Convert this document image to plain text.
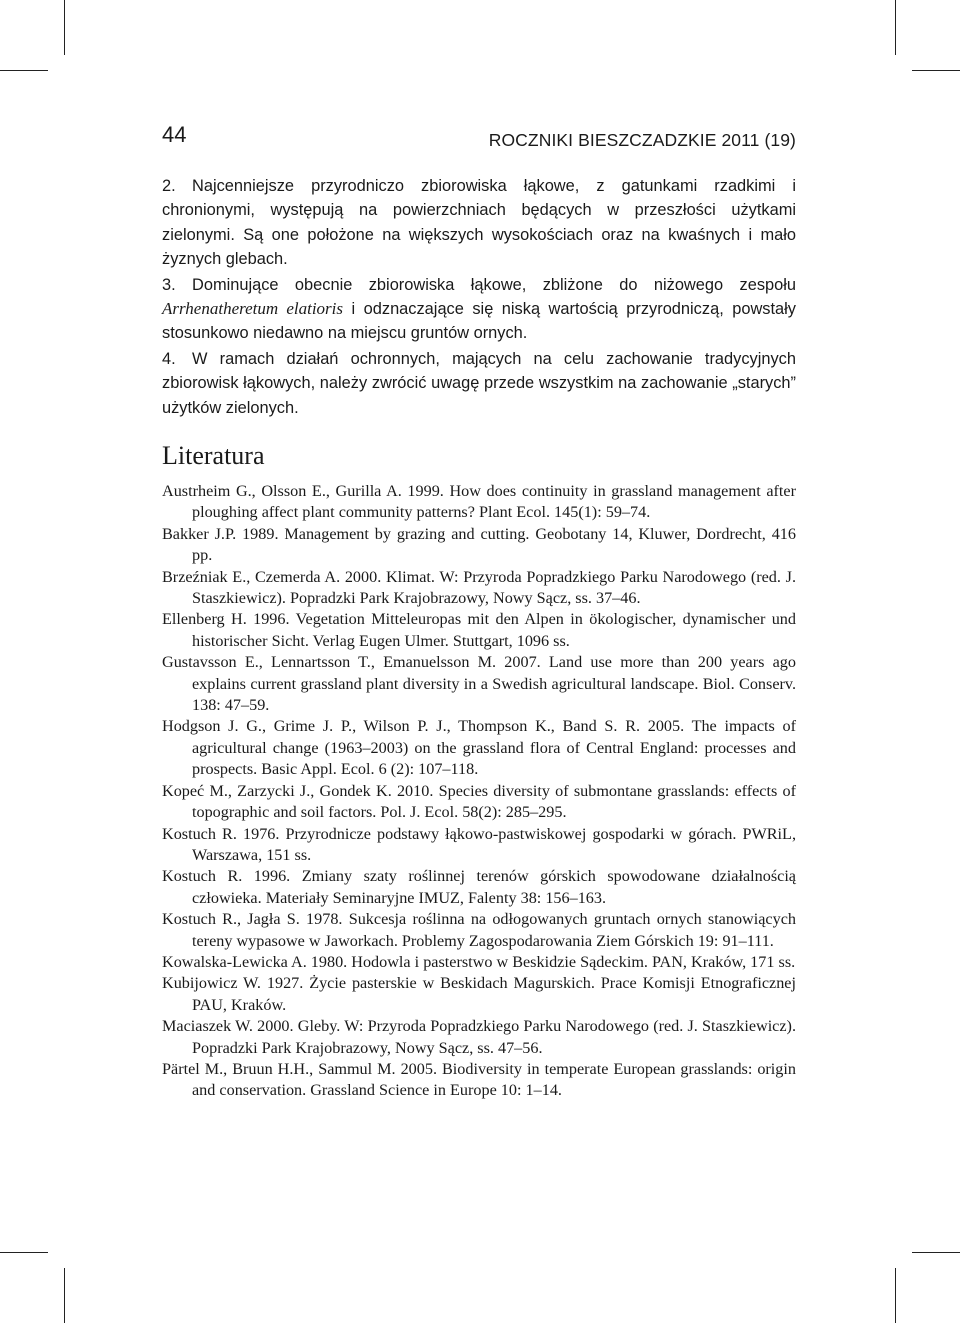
44	ROCZNIKI BIESZCZADZKIE 2011 (19)

2. Najcenniejsze przyrodniczo zbiorowiska łąkowe, z gatunkami rzadkimi i chronionymi, występują na powierzchniach będących w przeszłości użytkami zielonymi. Są one położone na większych wysokościach oraz na kwaśnych i mało żyznych glebach.

3. Dominujące obecnie zbiorowiska łąkowe, zbliżone do niżowego zespołu Arrhenatheretum elatioris i odznaczające się niską wartością przyrodniczą, powstały stosunkowo niedawno na miejscu gruntów ornych.

4. W ramach działań ochronnych, mających na celu zachowanie tradycyjnych zbiorowisk łąkowych, należy zwrócić uwagę przede wszystkim na zachowanie „starych” użytków zielonych.

Literatura

Austrheim G., Olsson E., Gurilla A. 1999. How does continuity in grassland management after ploughing affect plant community patterns? Plant Ecol. 145(1): 59–74.

Bakker J.P. 1989. Management by grazing and cutting. Geobotany 14, Kluwer, Dordrecht, 416 pp.

Brzeźniak E., Czemerda A. 2000. Klimat. W: Przyroda Popradzkiego Parku Narodowego (red. J. Staszkiewicz). Popradzki Park Krajobrazowy, Nowy Sącz, ss. 37–46.

Ellenberg H. 1996. Vegetation Mitteleuropas mit den Alpen in ökologischer, dynamischer und historischer Sicht. Verlag Eugen Ulmer. Stuttgart, 1096 ss.

Gustavsson E., Lennartsson T., Emanuelsson M. 2007. Land use more than 200 years ago explains current grassland plant diversity in a Swedish agricultural landscape. Biol. Conserv. 138: 47–59.

Hodgson J. G., Grime J. P., Wilson P. J., Thompson K., Band S. R. 2005. The impacts of agricultural change (1963–2003) on the grassland flora of Central England: processes and prospects. Basic Appl. Ecol. 6 (2): 107–118.

Kopeć M., Zarzycki J., Gondek K. 2010. Species diversity of submontane grasslands: effects of topographic and soil factors. Pol. J. Ecol. 58(2): 285–295.

Kostuch R. 1976. Przyrodnicze podstawy łąkowo-pastwiskowej gospodarki w górach. PWRiL, Warszawa, 151 ss.

Kostuch R. 1996. Zmiany szaty roślinnej terenów górskich spowodowane działalnością człowieka. Materiały Seminaryjne IMUZ, Falenty 38: 156–163.

Kostuch R., Jagła S. 1978. Sukcesja roślinna na odłogowanych gruntach ornych stanowiących tereny wypasowe w Jaworkach. Problemy Zagospodarowania Ziem Górskich 19: 91–111.

Kowalska-Lewicka A. 1980. Hodowla i pasterstwo w Beskidzie Sądeckim. PAN, Kraków, 171 ss.

Kubijowicz W. 1927. Życie pasterskie w Beskidach Magurskich. Prace Komisji Etnograficznej PAU, Kraków.

Maciaszek W. 2000. Gleby. W: Przyroda Popradzkiego Parku Narodowego (red. J. Staszkiewicz). Popradzki Park Krajobrazowy, Nowy Sącz, ss. 47–56.

Pärtel M., Bruun H.H., Sammul M. 2005. Biodiversity in temperate European grasslands: origin and conservation. Grassland Science in Europe 10: 1–14.
